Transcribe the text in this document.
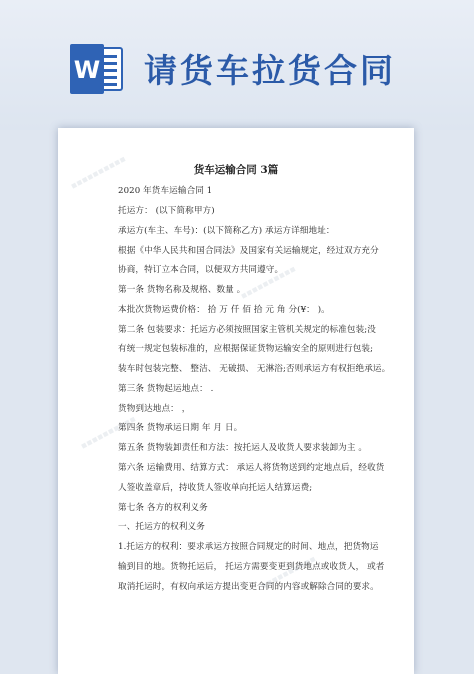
W 请货车拉货合同
▪▪▪▪▪▪▪▪▪▪
▪▪▪▪▪▪▪▪▪▪
▪▪▪▪▪▪▪▪▪▪
▪▪▪▪▪▪▪▪▪▪
货车运输合同 3篇
2020 年货车运输合同 1
托运方： (以下简称甲方)
承运方(车主、车号)：(以下简称乙方) 承运方详细地址：
根据《中华人民共和国合同法》及国家有关运输规定，经过双方充分
协商，特订立本合同，以便双方共同遵守。
第一条 货物名称及规格、数量 。
本批次货物运费价格： 拾 万 仟 佰 拾 元 角 分(¥： )。
第二条 包装要求：托运方必须按照国家主管机关规定的标准包装;没
有统一规定包装标准的，应根据保证货物运输安全的原则进行包装;
装车时包装完整、 整洁、 无破损、 无淋浴;否则承运方有权拒绝承运。
第三条 货物起运地点： .
货物到达地点： ，
第四条 货物承运日期 年 月 日。
第五条 货物装卸责任和方法：按托运人及收货人要求装卸为主 。
第六条 运输费用、结算方式： 承运人将货物送到约定地点后，经收货
人签收盖章后，持收货人签收单向托运人结算运费;
第七条 各方的权利义务
一、托运方的权利义务
1.托运方的权利：要求承运方按照合同规定的时间、地点，把货物运
输到目的地。货物托运后， 托运方需要变更到货地点或收货人， 或者
取消托运时，有权向承运方提出变更合同的内容或解除合同的要求。
